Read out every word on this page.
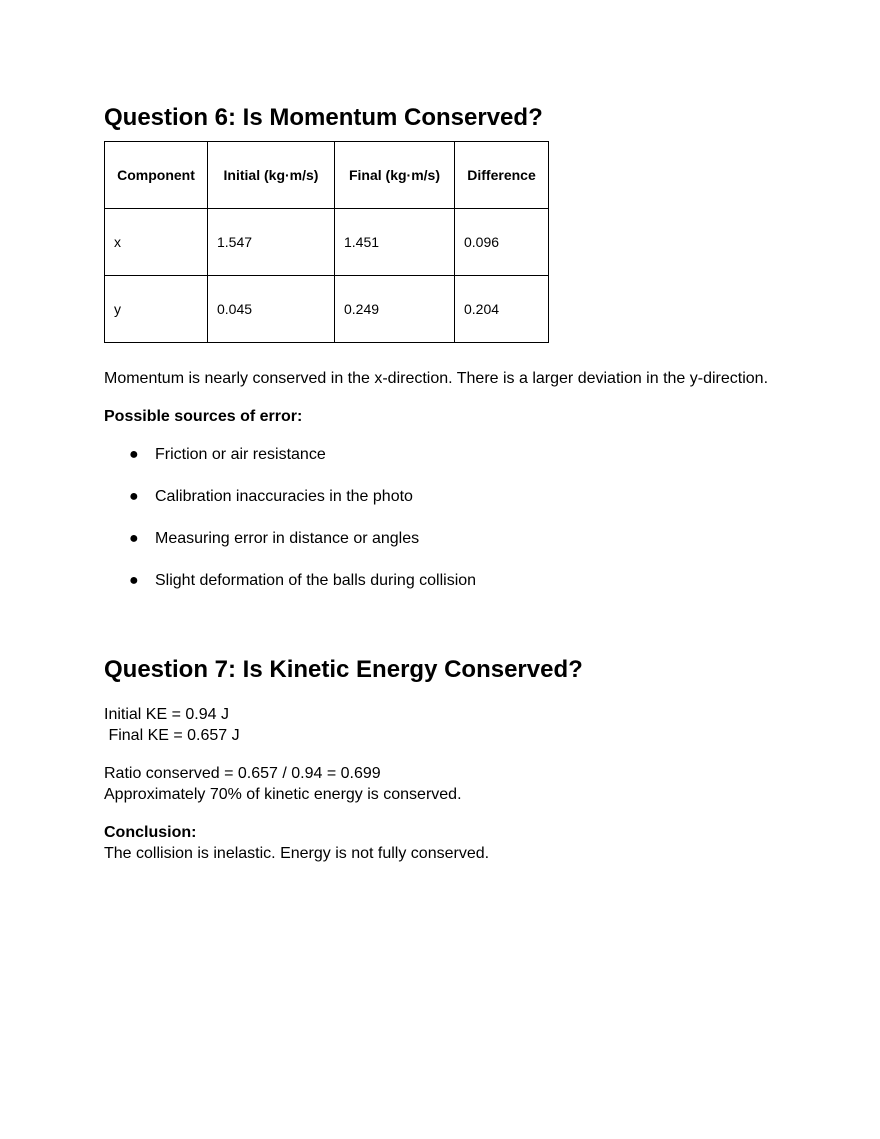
Question 6: Is Momentum Conserved?
Component	Initial (kg·m/s)	Final (kg·m/s)	Difference
x	1.547	1.451	0.096
y	0.045	0.249	0.204

Momentum is nearly conserved in the x-direction. There is a larger deviation in the y-direction.

Possible sources of error:

● Friction or air resistance
● Calibration inaccuracies in the photo
● Measuring error in distance or angles
● Slight deformation of the balls during collision
Question 7: Is Kinetic Energy Conserved?

Initial KE = 0.94 J

Final KE = 0.657 J

Ratio conserved = 0.657 / 0.94 = 0.699

Approximately 70% of kinetic energy is conserved.

Conclusion:

The collision is inelastic. Energy is not fully conserved.
